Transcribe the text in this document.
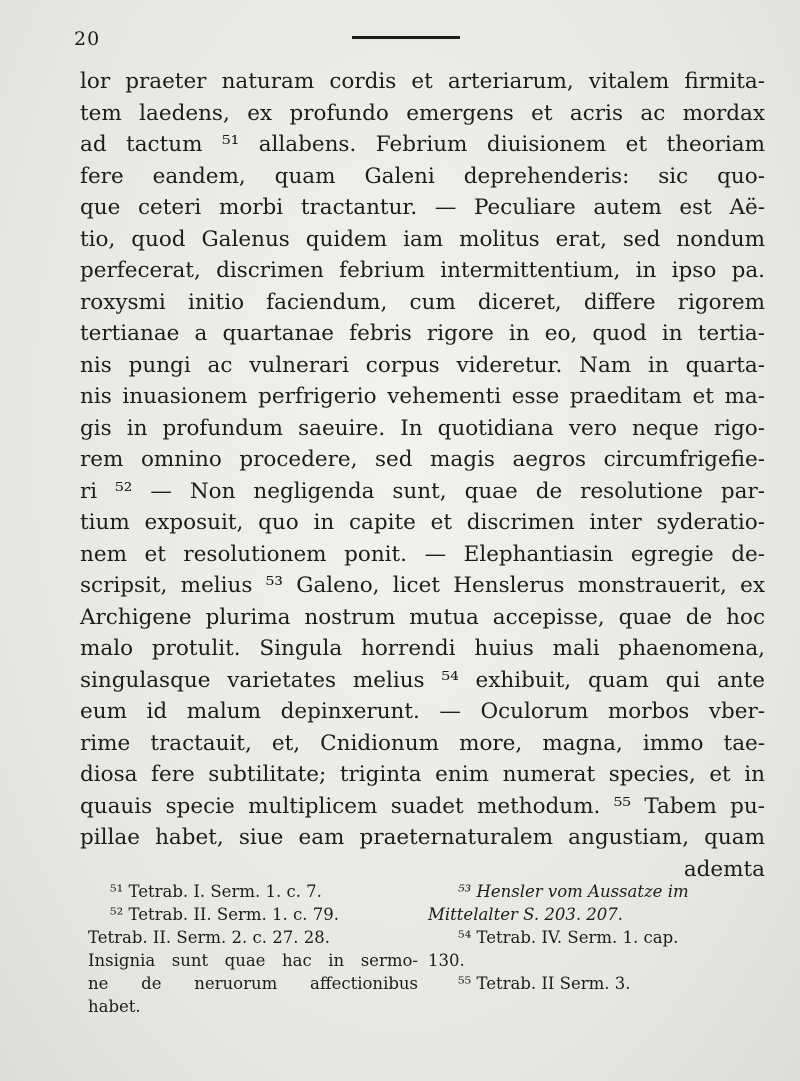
20
lor praeter naturam cordis et arteriarum, vitalem firmita-
tem laedens, ex profundo emergens et acris ac mordax
ad tactum ⁵¹ allabens. Febrium diuisionem et theoriam
fere eandem, quam Galeni deprehenderis: sic quo-
que ceteri morbi tractantur. — Peculiare autem est Aë-
tio, quod Galenus quidem iam molitus erat, sed nondum
perfecerat, discrimen febrium intermittentium, in ipso pa.
roxysmi initio faciendum, cum diceret, differe rigorem
tertianae a quartanae febris rigore in eo, quod in tertia-
nis pungi ac vulnerari corpus videretur. Nam in quarta-
nis inuasionem perfrigerio vehementi esse praeditam et ma-
gis in profundum saeuire. In quotidiana vero neque rigo-
rem omnino procedere, sed magis aegros circumfrigefie-
ri ⁵² — Non negligenda sunt, quae de resolutione par-
tium exposuit, quo in capite et discrimen inter syderatio-
nem et resolutionem ponit. — Elephantiasin egregie de-
scripsit, melius ⁵³ Galeno, licet Henslerus monstrauerit, ex
Archigene plurima nostrum mutua accepisse, quae de hoc
malo protulit. Singula horrendi huius mali phaenomena,
singulasque varietates melius ⁵⁴ exhibuit, quam qui ante
eum id malum depinxerunt. — Oculorum morbos vber-
rime tractauit, et, Cnidionum more, magna, immo tae-
diosa fere subtilitate; triginta enim numerat species, et in
quauis specie multiplicem suadet methodum. ⁵⁵ Tabem pu-
pillae habet, siue eam praeternaturalem angustiam, quam
ademta
⁵¹ Tetrab. I. Serm. 1. c. 7.
⁵² Tetrab. II. Serm. 1. c. 79.
Tetrab. II. Serm. 2. c. 27. 28.
Insignia sunt quae hac in sermo-
ne de neruorum affectionibus
habet.
⁵³ Hensler vom Aussatze im
Mittelalter S. 203. 207.
⁵⁴ Tetrab. IV. Serm. 1. cap.
130.
⁵⁵ Tetrab. II Serm. 3.
